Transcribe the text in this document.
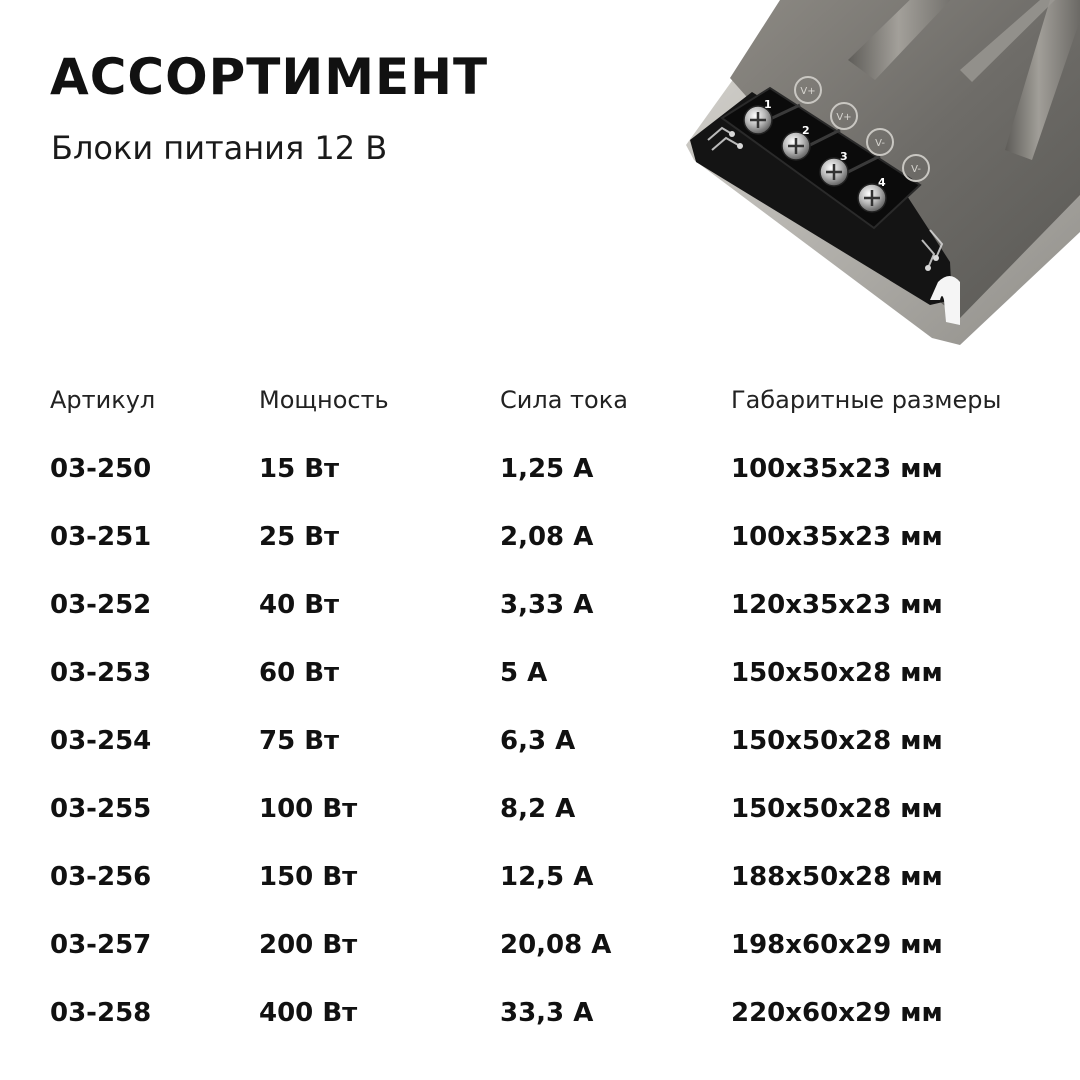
АССОРТИМЕНТ
Блоки питания 12 В
1
2
3
4
V+
V+
V-
V-
Артикул	Мощность	Сила тока	Габаритные размеры
03-250	15 Вт	1,25 А	100x35x23 мм
03-251	25 Вт	2,08 А	100x35x23 мм
03-252	40 Вт	3,33 А	120x35x23 мм
03-253	60 Вт	5 А	150x50x28 мм
03-254	75 Вт	6,3 А	150x50x28 мм
03-255	100 Вт	8,2 А	150x50x28 мм
03-256	150 Вт	12,5 А	188x50x28 мм
03-257	200 Вт	20,08 А	198x60x29 мм
03-258	400 Вт	33,3 А	220x60x29 мм
